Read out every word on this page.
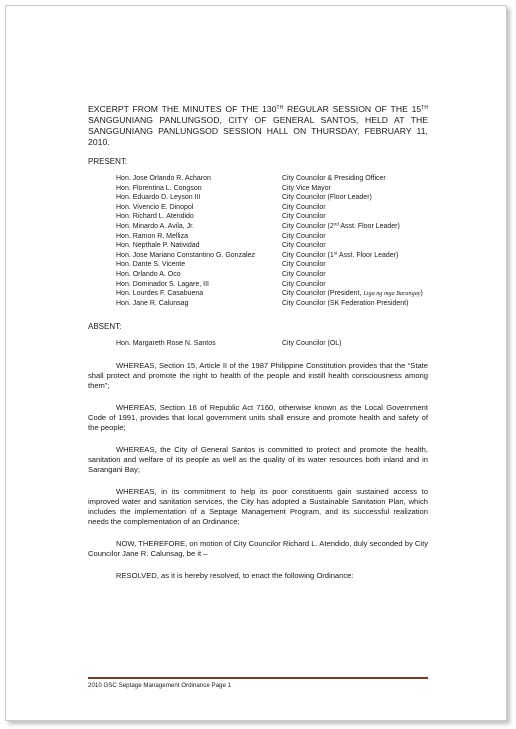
EXCERPT FROM THE MINUTES OF THE 130TH REGULAR SESSION OF THE 15TH SANGGUNIANG PANLUNGSOD, CITY OF GENERAL SANTOS, HELD AT THE SANGGUNIANG PANLUNGSOD SESSION HALL ON THURSDAY, FEBRUARY 11, 2010.
PRESENT:
Hon. Jose Orlando R. Acharon	City Councilor & Presiding Officer
Hon. Florentina L. Congson	City Vice Mayor
Hon. Eduardo D. Leyson III	City Councilor (Floor Leader)
Hon. Vivencio E. Dinopol	City Councilor
Hon. Richard L. Atendido	City Councilor
Hon. Minardo A. Avila, Jr.	City Councilor (2nd Asst. Floor Leader)
Hon. Ramon R. Melliza	City Councilor
Hon. Nepthale P. Natividad	City Councilor
Hon. Jose Mariano Constantino G. Gonzalez	City Councilor (1st Asst. Floor Leader)
Hon. Dante S. Vicente	City Councilor
Hon. Orlando A. Oco	City Councilor
Hon. Dominador S. Lagare, III	City Councilor
Hon. Lourdes F. Casabuena	City Councilor (President, Liga ng mga Barangay)
Hon. Jane R. Calunsag	City Councilor (SK Federation President)
ABSENT:
Hon. Margareth Rose N. Santos	City Councilor (OL)
WHEREAS, Section 15, Article II of the 1987 Philippine Constitution provides that the “State shall protect and promote the right to health of the people and instill health consciousness among them”;
WHEREAS, Section 16 of Republic Act 7160, otherwise known as the Local Government Code of 1991, provides that local government units shall ensure and promote health and safety of the people;
WHEREAS, the City of General Santos is committed to protect and promote the health, sanitation and welfare of its people as well as the quality of its water resources both inland and in Sarangani Bay;
WHEREAS, in its commitment to help its poor constituents gain sustained access to improved water and sanitation services, the City has adopted a Sustainable Sanitation Plan, which includes the implementation of a Septage Management Program, and its successful realization needs the complementation of an Ordinance;
NOW, THEREFORE, on motion of City Councilor Richard L. Atendido, duly seconded by City Councilor Jane R. Calunsag, be it –
RESOLVED, as it is hereby resolved, to enact the following Ordinance:
2010 GSC Septage Management Ordinance Page 1
